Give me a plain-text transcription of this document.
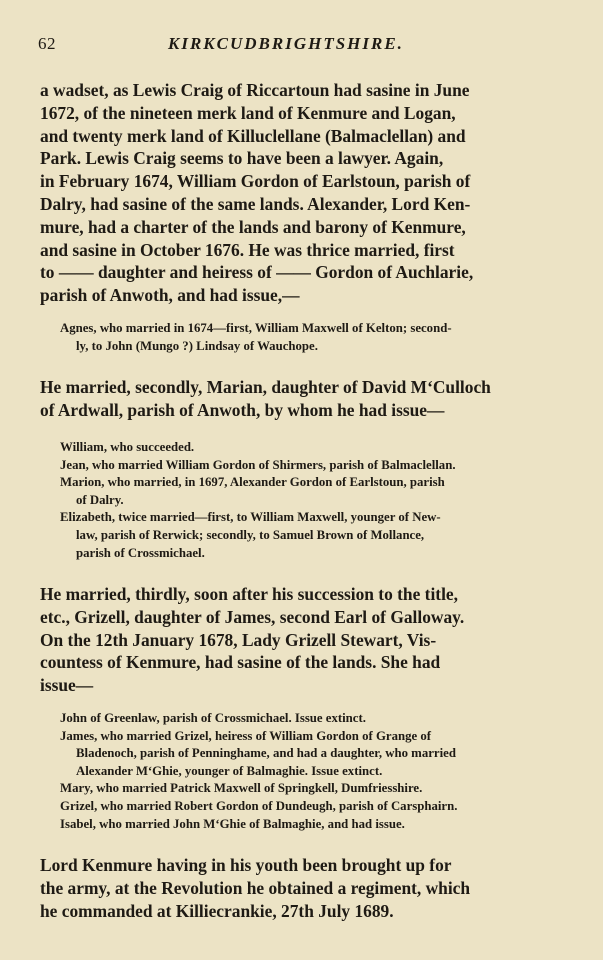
62	KIRKCUDBRIGHTSHIRE.

a wadset, as Lewis Craig of Riccartoun had sasine in June
1672, of the nineteen merk land of Kenmure and Logan,
and twenty merk land of Killuclellane (Balmaclellan) and
Park. Lewis Craig seems to have been a lawyer. Again,
in February 1674, William Gordon of Earlstoun, parish of
Dalry, had sasine of the same lands. Alexander, Lord Ken-
mure, had a charter of the lands and barony of Kenmure,
and sasine in October 1676. He was thrice married, first
to —— daughter and heiress of —— Gordon of Auchlarie,
parish of Anwoth, and had issue,—

Agnes, who married in 1674—first, William Maxwell of Kelton; second-
ly, to John (Mungo ?) Lindsay of Wauchope.

He married, secondly, Marian, daughter of David M‘Culloch
of Ardwall, parish of Anwoth, by whom he had issue—

William, who succeeded.
Jean, who married William Gordon of Shirmers, parish of Balmaclellan.
Marion, who married, in 1697, Alexander Gordon of Earlstoun, parish
of Dalry.
Elizabeth, twice married—first, to William Maxwell, younger of New-
law, parish of Rerwick; secondly, to Samuel Brown of Mollance,
parish of Crossmichael.

He married, thirdly, soon after his succession to the title,
etc., Grizell, daughter of James, second Earl of Galloway.
On the 12th January 1678, Lady Grizell Stewart, Vis-
countess of Kenmure, had sasine of the lands. She had
issue—

John of Greenlaw, parish of Crossmichael. Issue extinct.
James, who married Grizel, heiress of William Gordon of Grange of
Bladenoch, parish of Penninghame, and had a daughter, who married
Alexander M‘Ghie, younger of Balmaghie. Issue extinct.
Mary, who married Patrick Maxwell of Springkell, Dumfriesshire.
Grizel, who married Robert Gordon of Dundeugh, parish of Carsphairn.
Isabel, who married John M‘Ghie of Balmaghie, and had issue.

Lord Kenmure having in his youth been brought up for
the army, at the Revolution he obtained a regiment, which
he commanded at Killiecrankie, 27th July 1689.
